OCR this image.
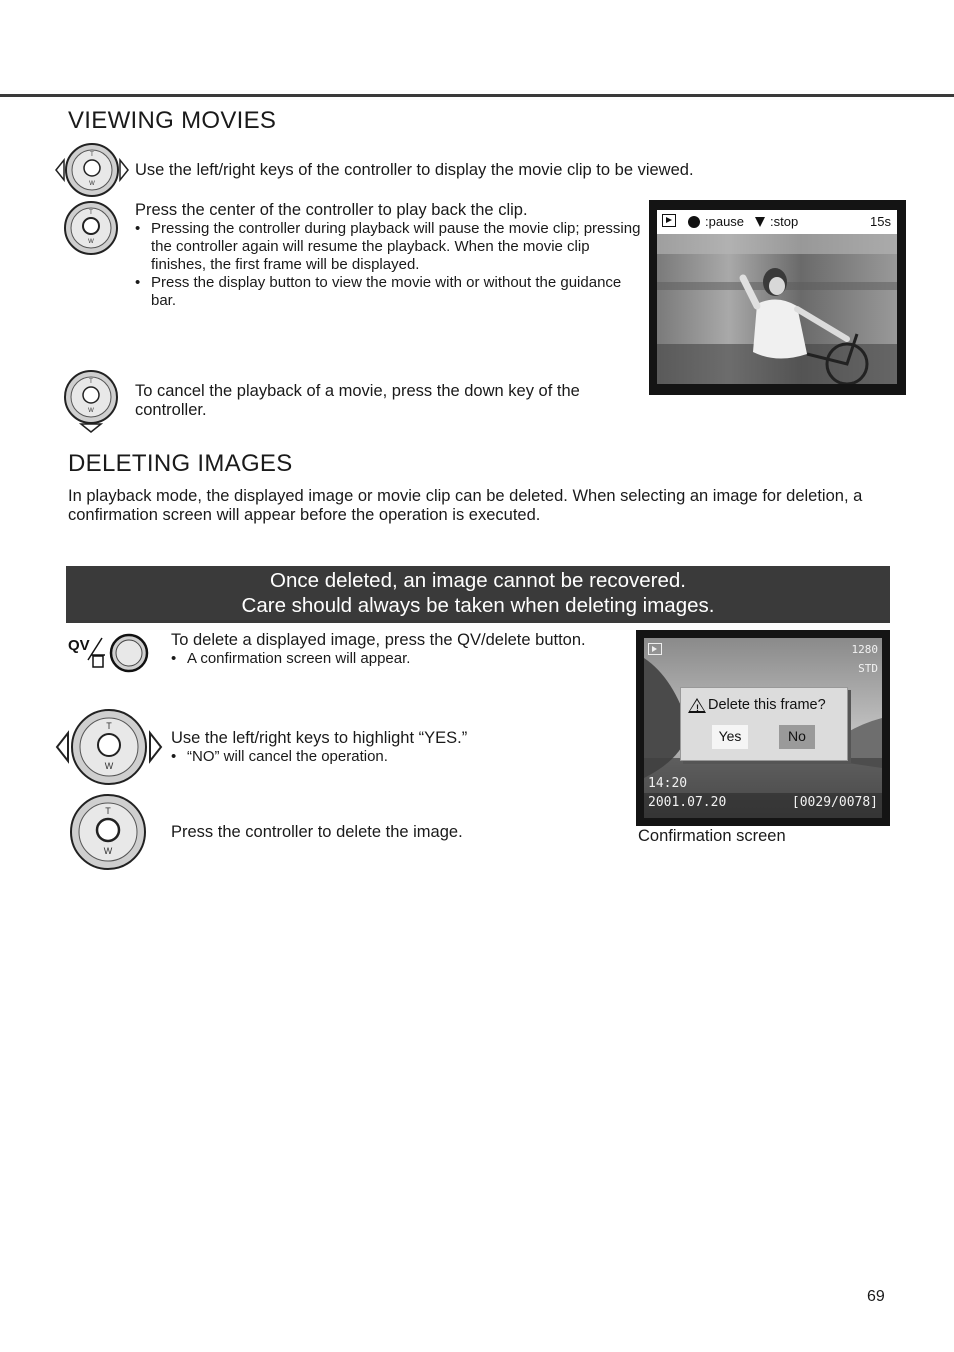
VIEWING MOVIES
T
W
Use the left/right keys of the controller to display the movie clip to be viewed.
T
W
Press the center of the controller to play back the clip.
• Pressing the controller during playback will pause the movie clip; pressing the controller again will resume the playback. When the movie clip finishes, the first frame will be displayed.
• Press the display button to view the movie with or without the guidance bar.
:pause :stop	15s
T
W
To cancel the playback of a movie, press the down key of the controller.
DELETING IMAGES
In playback mode, the displayed image or movie clip can be deleted. When selecting an image for deletion, a confirmation screen will appear before the operation is executed.
Once deleted, an image cannot be recovered.
Care should always be taken when deleting images.
QV	To delete a displayed image, press the QV/delete button.
• A confirmation screen will appear.
T
W
Use the left/right keys to highlight “YES.”
• “NO” will cancel the operation.
T
W
Press the controller to delete the image.
1280
STD
! Delete this frame?
Yes	No
14:20
2001.07.20	[0029/0078]
Confirmation screen
69
